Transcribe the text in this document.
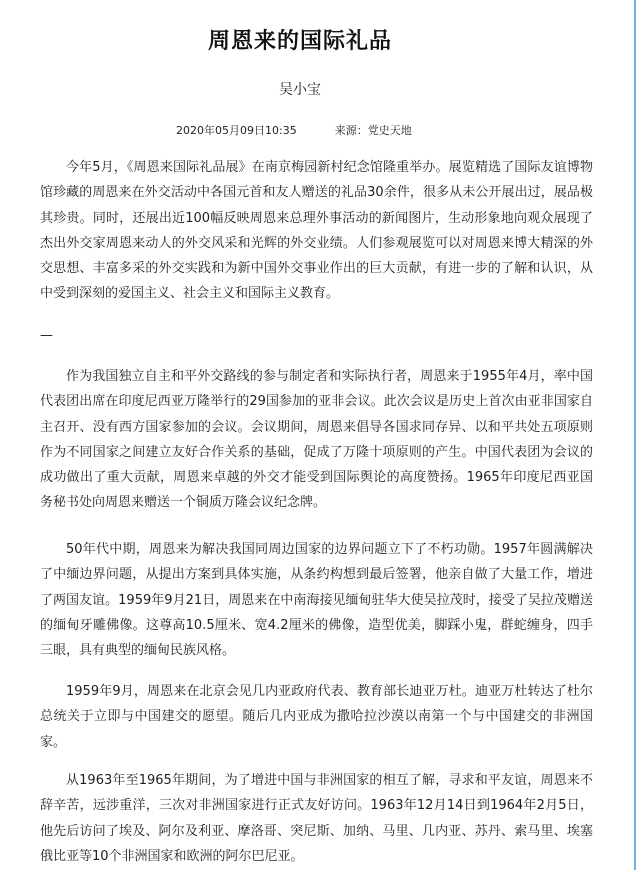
周恩来的国际礼品
吴小宝
2020年05月09日10:35	来源：党史天地

今年5月，《周恩来国际礼品展》在南京梅园新村纪念馆隆重举办。展览精选了国际友谊博物馆珍藏的周恩来在外交活动中各国元首和友人赠送的礼品30余件，很多从未公开展出过，展品极其珍贵。同时，还展出近100幅反映周恩来总理外事活动的新闻图片，生动形象地向观众展现了杰出外交家周恩来动人的外交风采和光辉的外交业绩。人们参观展览可以对周恩来博大精深的外交思想、丰富多采的外交实践和为新中国外交事业作出的巨大贡献，有进一步的了解和认识，从中受到深刻的爱国主义、社会主义和国际主义教育。

—

作为我国独立自主和平外交路线的参与制定者和实际执行者，周恩来于1955年4月，率中国代表团出席在印度尼西亚万隆举行的29国参加的亚非会议。此次会议是历史上首次由亚非国家自主召开、没有西方国家参加的会议。会议期间，周恩来倡导各国求同存异、以和平共处五项原则作为不同国家之间建立友好合作关系的基础，促成了万隆十项原则的产生。中国代表团为会议的成功做出了重大贡献，周恩来卓越的外交才能受到国际舆论的高度赞扬。1965年印度尼西亚国务秘书处向周恩来赠送一个铜质万隆会议纪念牌。

50年代中期，周恩来为解决我国同周边国家的边界问题立下了不朽功勋。1957年圆满解决了中缅边界问题，从提出方案到具体实施，从条约构想到最后签署，他亲自做了大量工作，增进了两国友谊。1959年9月21日，周恩来在中南海接见缅甸驻华大使吴拉茂时，接受了吴拉茂赠送的缅甸牙雕佛像。这尊高10.5厘米、宽4.2厘米的佛像，造型优美，脚踩小鬼，群蛇缠身，四手三眼，具有典型的缅甸民族风格。

1959年9月，周恩来在北京会见几内亚政府代表、教育部长迪亚万杜。迪亚万杜转达了杜尔总统关于立即与中国建交的愿望。随后几内亚成为撒哈拉沙漠以南第一个与中国建交的非洲国家。

从1963年至1965年期间，为了增进中国与非洲国家的相互了解，寻求和平友谊，周恩来不辞辛苦，远涉重洋，三次对非洲国家进行正式友好访问。1963年12月14日到1964年2月5日，他先后访问了埃及、阿尔及利亚、摩洛哥、突尼斯、加纳、马里、几内亚、苏丹、索马里、埃塞俄比亚等10个非洲国家和欧洲的阿尔巴尼亚。
